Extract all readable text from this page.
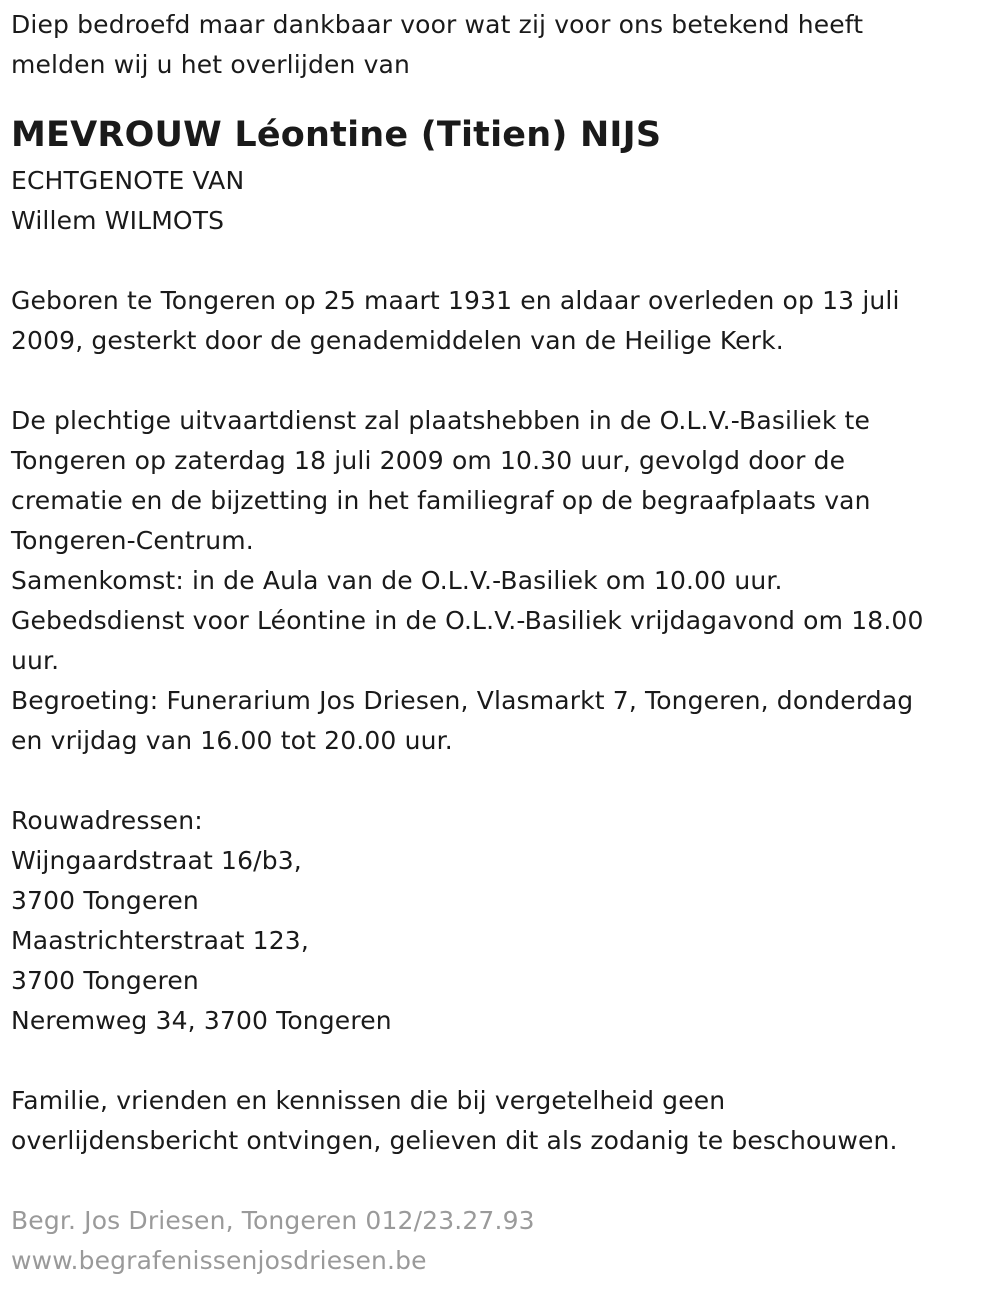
Diep bedroefd maar dankbaar voor wat zij voor ons betekend heeft
melden wij u het overlijden van
MEVROUW Léontine (Titien) NIJS
ECHTGENOTE VAN
Willem WILMOTS
Geboren te Tongeren op 25 maart 1931 en aldaar overleden op 13 juli
2009, gesterkt door de genademiddelen van de Heilige Kerk.
De plechtige uitvaartdienst zal plaatshebben in de O.L.V.-Basiliek te
Tongeren op zaterdag 18 juli 2009 om 10.30 uur, gevolgd door de
crematie en de bijzetting in het familiegraf op de begraafplaats van
Tongeren-Centrum.
Samenkomst: in de Aula van de O.L.V.-Basiliek om 10.00 uur.
Gebedsdienst voor Léontine in de O.L.V.-Basiliek vrijdagavond om 18.00
uur.
Begroeting: Funerarium Jos Driesen, Vlasmarkt 7, Tongeren, donderdag
en vrijdag van 16.00 tot 20.00 uur.
Rouwadressen:
Wijngaardstraat 16/b3,
3700 Tongeren
Maastrichterstraat 123,
3700 Tongeren
Neremweg 34, 3700 Tongeren
Familie, vrienden en kennissen die bij vergetelheid geen
overlijdensbericht ontvingen, gelieven dit als zodanig te beschouwen.
Begr. Jos Driesen, Tongeren 012/23.27.93
www.begrafenissenjosdriesen.be
